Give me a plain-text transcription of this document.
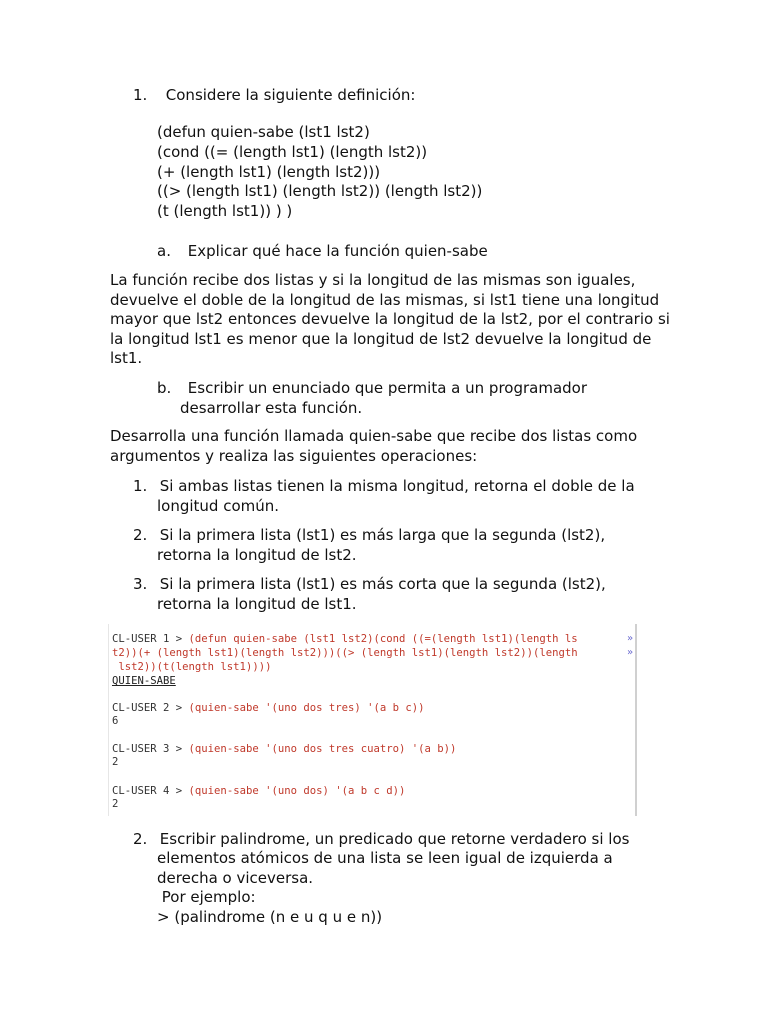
1. Considere la siguiente definición:
(defun quien-sabe (lst1 lst2)
(cond ((= (length lst1) (length lst2))
(+ (length lst1) (length lst2)))
((> (length lst1) (length lst2)) (length lst2))
(t (length lst1)) ) )
a. Explicar qué hace la función quien-sabe
La función recibe dos listas y si la longitud de las mismas son iguales, devuelve el doble de la longitud de las mismas, si lst1 tiene una longitud mayor que lst2 entonces devuelve la longitud de la lst2, por el contrario si la longitud lst1 es menor que la longitud de lst2 devuelve la longitud de lst1.
b. Escribir un enunciado que permita a un programador
desarrollar esta función.
Desarrolla una función llamada quien-sabe que recibe dos listas como argumentos y realiza las siguientes operaciones:
1. Si ambas listas tienen la misma longitud, retorna el doble de la
longitud común.
2. Si la primera lista (lst1) es más larga que la segunda (lst2),
retorna la longitud de lst2.
3. Si la primera lista (lst1) es más corta que la segunda (lst2),
retorna la longitud de lst1.
CL-USER 1 > (defun quien-sabe (lst1 lst2)(cond ((=(length lst1)(length ls	»
t2))(+ (length lst1)(length lst2)))((> (length lst1)(length lst2))(length	»
lst2))(t(length lst1))))
QUIEN-SABE
CL-USER 2 > (quien-sabe '(uno dos tres) '(a b c))
6
CL-USER 3 > (quien-sabe '(uno dos tres cuatro) '(a b))
2
CL-USER 4 > (quien-sabe '(uno dos) '(a b c d))
2
2. Escribir palindrome, un predicado que retorne verdadero si los
elementos atómicos de una lista se leen igual de izquierda a
derecha o viceversa.
Por ejemplo:
> (palindrome (n e u q u e n))
